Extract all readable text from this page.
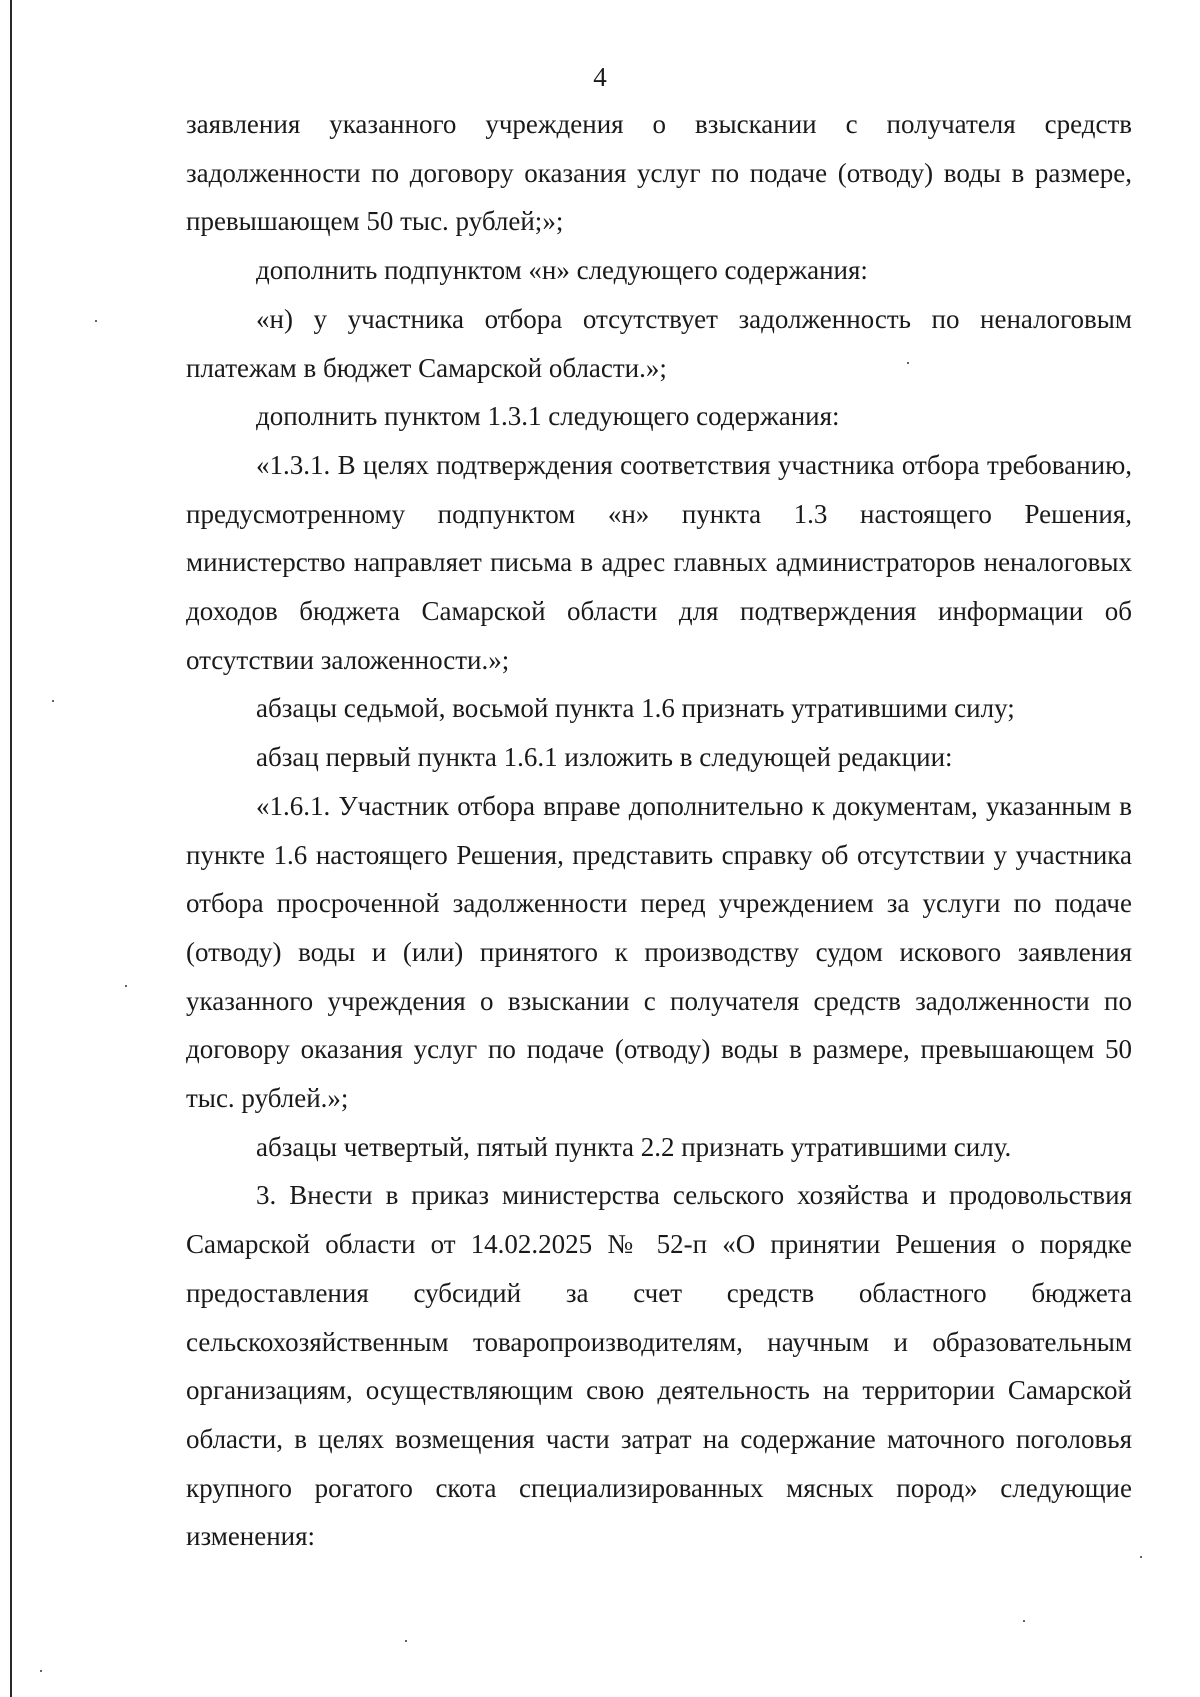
4

заявления указанного учреждения о взыскании с получателя средств задолженности по договору оказания услуг по подаче (отводу) воды в размере, превышающем 50 тыс. рублей;»;

дополнить подпунктом «н» следующего содержания:

«н) у участника отбора отсутствует задолженность по неналоговым платежам в бюджет Самарской области.»;

дополнить пунктом 1.3.1 следующего содержания:

«1.3.1. В целях подтверждения соответствия участника отбора требованию, предусмотренному подпунктом «н» пункта 1.3 настоящего Решения, министерство направляет письма в адрес главных администраторов неналоговых доходов бюджета Самарской области для подтверждения информации об отсутствии заложенности.»;

абзацы седьмой, восьмой пункта 1.6 признать утратившими силу;

абзац первый пункта 1.6.1 изложить в следующей редакции:

«1.6.1. Участник отбора вправе дополнительно к документам, указанным в пункте 1.6 настоящего Решения, представить справку об отсутствии у участника отбора просроченной задолженности перед учреждением за услуги по подаче (отводу) воды и (или) принятого к производству судом искового заявления указанного учреждения о взыскании с получателя средств задолженности по договору оказания услуг по подаче (отводу) воды в размере, превышающем 50 тыс. рублей.»;

абзацы четвертый, пятый пункта 2.2 признать утратившими силу.

3. Внести в приказ министерства сельского хозяйства и продовольствия Самарской области от 14.02.2025 № 52-п «О принятии Решения о порядке предоставления субсидий за счет средств областного бюджета сельскохозяйственным товаропроизводителям, научным и образовательным организациям, осуществляющим свою деятельность на территории Самарской области, в целях возмещения части затрат на содержание маточного поголовья крупного рогатого скота специализированных мясных пород» следующие изменения:
